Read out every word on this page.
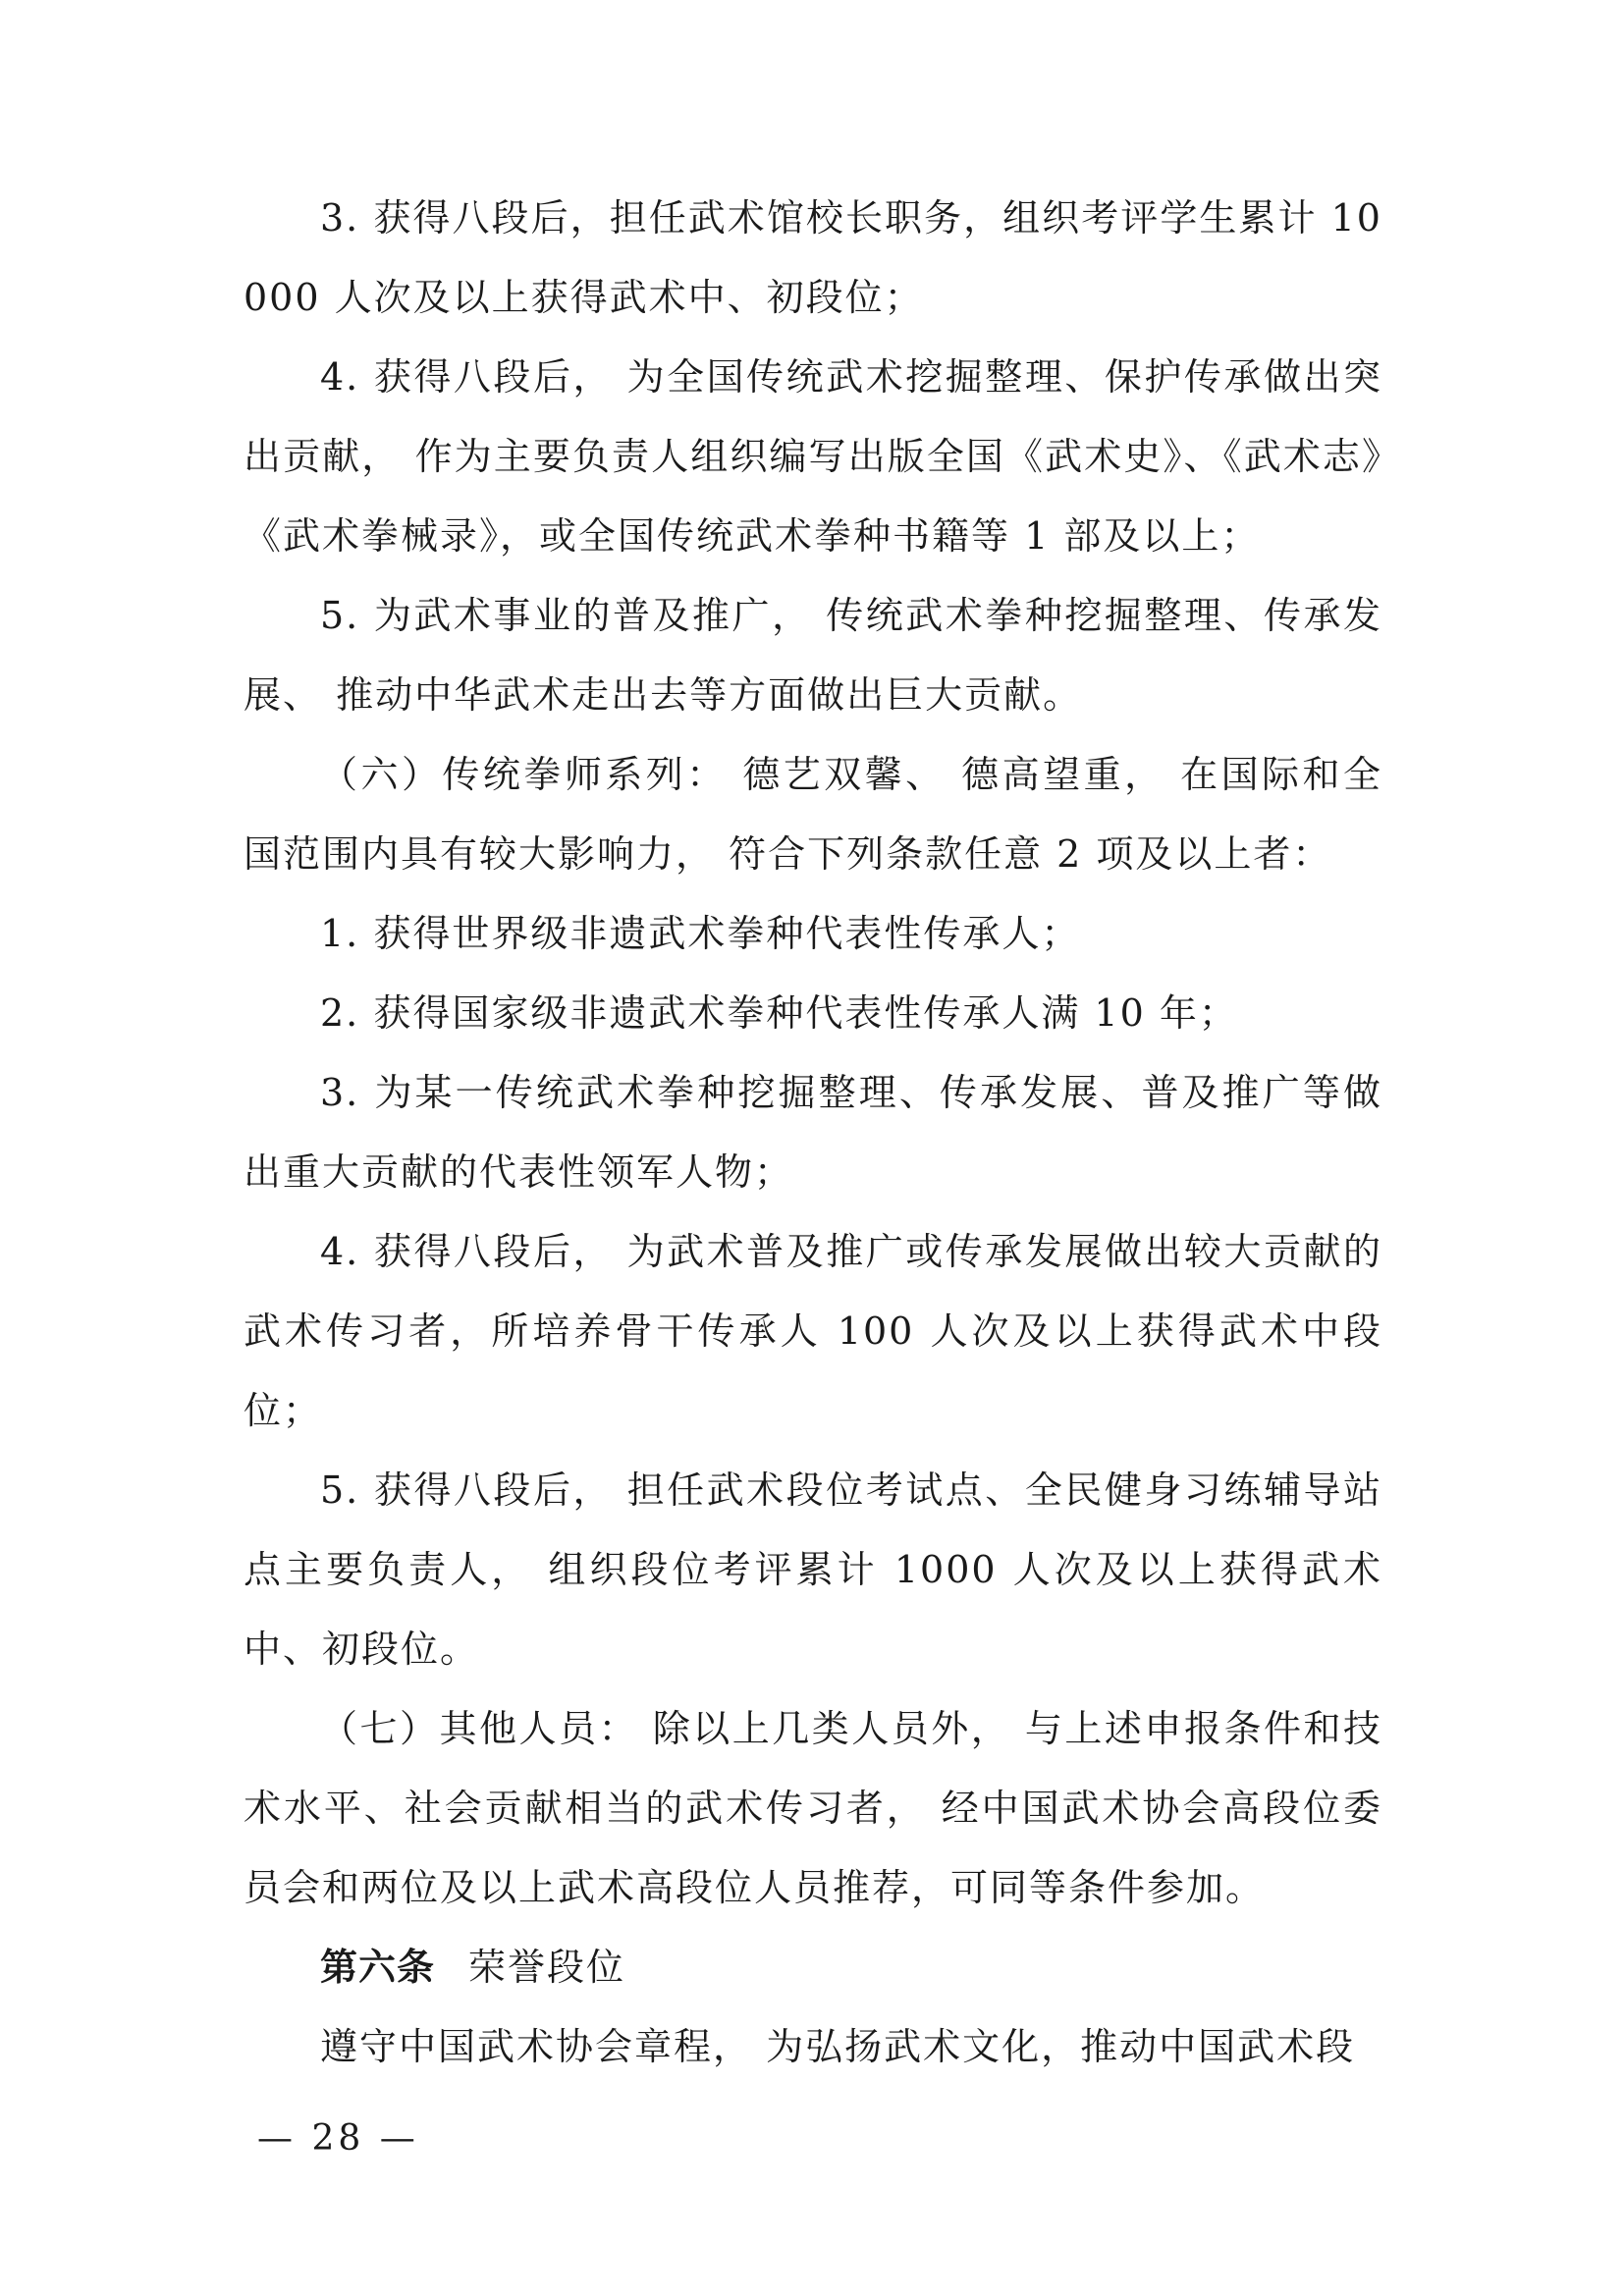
3. 获得八段后，担任武术馆校长职务，组织考评学生累计 10000 人次及以上获得武术中、初段位；

4. 获得八段后， 为全国传统武术挖掘整理、保护传承做出突出贡献， 作为主要负责人组织编写出版全国《武术史》、《武术志》《武术拳械录》，或全国传统武术拳种书籍等 1 部及以上；

5. 为武术事业的普及推广， 传统武术拳种挖掘整理、传承发展、 推动中华武术走出去等方面做出巨大贡献。

（六）传统拳师系列： 德艺双馨、 德高望重， 在国际和全国范围内具有较大影响力， 符合下列条款任意 2 项及以上者：

1. 获得世界级非遗武术拳种代表性传承人；

2. 获得国家级非遗武术拳种代表性传承人满 10 年；

3. 为某一传统武术拳种挖掘整理、传承发展、普及推广等做出重大贡献的代表性领军人物；

4. 获得八段后， 为武术普及推广或传承发展做出较大贡献的武术传习者，所培养骨干传承人 100 人次及以上获得武术中段位；

5. 获得八段后， 担任武术段位考试点、全民健身习练辅导站点主要负责人， 组织段位考评累计 1000 人次及以上获得武术中、初段位。

（七）其他人员： 除以上几类人员外， 与上述申报条件和技术水平、社会贡献相当的武术传习者， 经中国武术协会高段位委员会和两位及以上武术高段位人员推荐，可同等条件参加。

第六条 荣誉段位

遵守中国武术协会章程， 为弘扬武术文化，推动中国武术段

— 28 —
